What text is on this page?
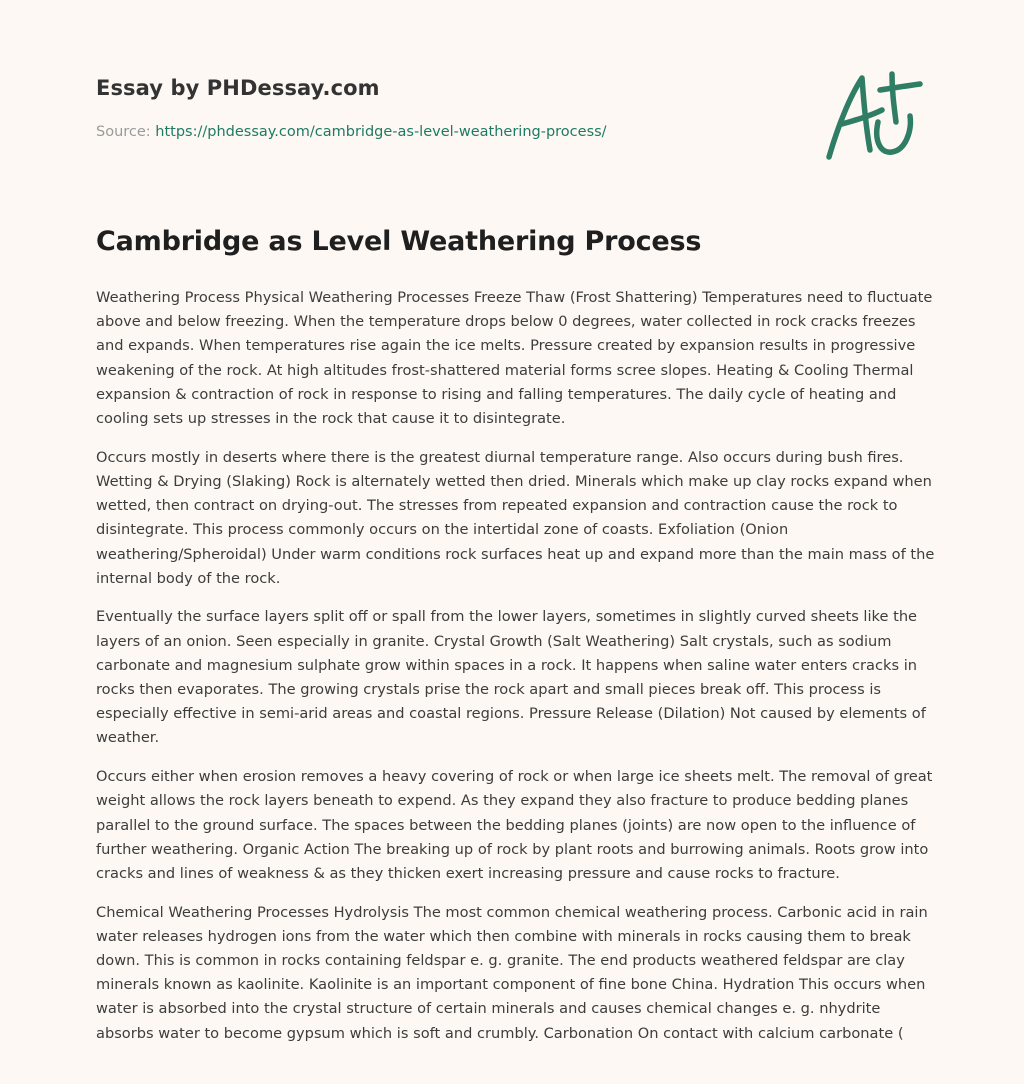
Essay by PHDessay.com
Source: https://phdessay.com/cambridge-as-level-weathering-process/
Cambridge as Level Weathering Process

Weathering Process Physical Weathering Processes Freeze Thaw (Frost Shattering) Temperatures need to fluctuate above and below freezing. When the temperature drops below 0 degrees, water collected in rock cracks freezes and expands. When temperatures rise again the ice melts. Pressure created by expansion results in progressive weakening of the rock. At high altitudes frost-shattered material forms scree slopes. Heating & Cooling Thermal expansion & contraction of rock in response to rising and falling temperatures. The daily cycle of heating and cooling sets up stresses in the rock that cause it to disintegrate.

Occurs mostly in deserts where there is the greatest diurnal temperature range. Also occurs during bush fires. Wetting & Drying (Slaking) Rock is alternately wetted then dried. Minerals which make up clay rocks expand when wetted, then contract on drying-out. The stresses from repeated expansion and contraction cause the rock to disintegrate. This process commonly occurs on the intertidal zone of coasts. Exfoliation (Onion weathering/Spheroidal) Under warm conditions rock surfaces heat up and expand more than the main mass of the internal body of the rock.

Eventually the surface layers split off or spall from the lower layers, sometimes in slightly curved sheets like the layers of an onion. Seen especially in granite. Crystal Growth (Salt Weathering) Salt crystals, such as sodium carbonate and magnesium sulphate grow within spaces in a rock. It happens when saline water enters cracks in rocks then evaporates. The growing crystals prise the rock apart and small pieces break off. This process is especially effective in semi-arid areas and coastal regions. Pressure Release (Dilation) Not caused by elements of weather.

Occurs either when erosion removes a heavy covering of rock or when large ice sheets melt. The removal of great weight allows the rock layers beneath to expend. As they expand they also fracture to produce bedding planes parallel to the ground surface. The spaces between the bedding planes (joints) are now open to the influence of further weathering. Organic Action The breaking up of rock by plant roots and burrowing animals. Roots grow into cracks and lines of weakness & as they thicken exert increasing pressure and cause rocks to fracture.

Chemical Weathering Processes Hydrolysis The most common chemical weathering process. Carbonic acid in rain water releases hydrogen ions from the water which then combine with minerals in rocks causing them to break down. This is common in rocks containing feldspar e. g. granite. The end products weathered feldspar are clay minerals known as kaolinite. Kaolinite is an important component of fine bone China. Hydration This occurs when water is absorbed into the crystal structure of certain minerals and causes chemical changes e. g. nhydrite absorbs water to become gypsum which is soft and crumbly. Carbonation On contact with calcium carbonate (
